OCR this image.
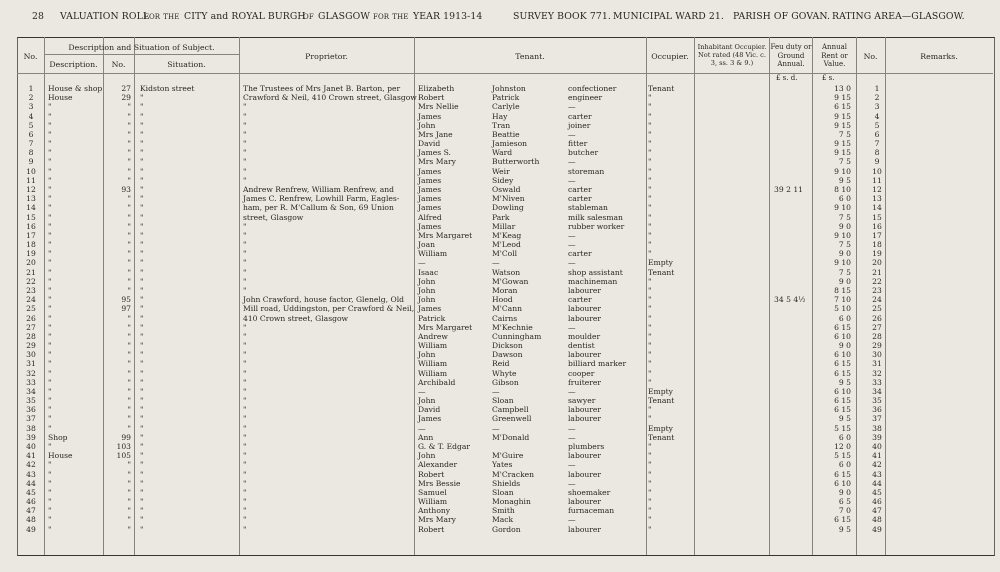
28 VALUATION ROLL
for the CITY and ROYAL BURGH
of GLASGOW for the YEAR 1913-14	SURVEY BOOK 771. MUNICIPAL WARD 21. PARISH OF GOVAN. RATING AREA—GLASGOW.
No.
Description and Situation of Subject.
Description.	No.	Situation.
Proprietor.	Tenant.	Occupier.
Inhabitant Occupier. Not rated (48 Vic. c. 3, ss. 3 & 9.)
Feu duty or Ground Annual.
Annual Rent or Value.
No.	Remarks.
£ s. d.	£ s.
1	House & shop	27 Kidston street	The Trustees of Mrs Janet B. Barton, per Elizabeth	Johnston	confectioner	Tenant	13 0	1
2	House	29 "	Crawford & Neil, 410 Crown street, Glasgow Robert	Patrick	engineer	"	9 15	2
3	"	" "	"	Mrs Nellie	Carlyle	—	"	6 15	3
4	"	" "	"	James	Hay	carter	"	9 15	4
5	"	" "	"	John	Tran	joiner	"	9 15	5
6	"	" "	"	Mrs Jane	Beattie	—	"	7 5	6
7	"	" "	"	David	Jamieson	fitter	"	9 15	7
8	"	" "	"	James S.	Ward	butcher	"	9 15	8
9	"	" "	"	Mrs Mary	Butterworth	—	"	7 5	9
10	"	" "	"	James	Weir	storeman	"	9 10	10
11	"	" "	"	James	Sidey	—	"	9 5	11
12	"	93 "	Andrew Renfrew, William Renfrew, and	James	Oswald	carter	"	39 2 11	8 10	12
13	"	" "	James C. Renfrew, Lowhill Farm, Eagles- James	M'Niven	carter	"	6 0	13
14	"	" "	ham, per R. M'Callum & Son, 69 Union	James	Dowling	stableman	"	9 10	14
15	"	" "	street, Glasgow	Alfred	Park	milk salesman	"	7 5	15
16	"	" "	"	James	Millar	rubber worker	"	9 0	16
17	"	" "	"	Mrs Margaret	M'Keag	—	"	9 10	17
18	"	" "	"	Joan	M'Leod	—	"	7 5	18
19	"	" "	"	William	M'Coll	carter	"	9 0	19
20	"	" "	"	—	—	—	Empty	9 10	20
21	"	" "	"	Isaac	Watson	shop assistant	Tenant	7 5	21
22	"	" "	"	John	M'Gowan	machineman	"	9 0	22
23	"	" "	"	John	Moran	labourer	"	8 15	23
24	"	95 "	John Crawford, house factor, Glenelg, Old John	Hood	carter	"	34 5 4½	7 10	24
25	"	97 "	Mill road, Uddingston, per Crawford & Neil, James	M'Cann	labourer	"	5 10	25
26	"	" "	410 Crown street, Glasgow	Patrick	Cairns	labourer	"	6 0	26
27	"	" "	"	Mrs Margaret	M'Kechnie	—	"	6 15	27
28	"	" "	"	Andrew	Cunningham	moulder	"	6 10	28
29	"	" "	"	William	Dickson	dentist	"	9 0	29
30	"	" "	"	John	Dawson	labourer	"	6 10	30
31	"	" "	"	William	Reid	billiard marker	"	6 15	31
32	"	" "	"	William	Whyte	cooper	"	6 15	32
33	"	" "	"	Archibald	Gibson	fruiterer	"	9 5	33
34	"	" "	"	—	—	—	Empty	6 10	34
35	"	" "	"	John	Sloan	sawyer	Tenant	6 15	35
36	"	" "	"	David	Campbell	labourer	"	6 15	36
37	"	" "	"	James	Greenwell	labourer	"	9 5	37
38	"	" "	"	—	—	—	Empty	5 15	38
39	Shop	99 "	"	Ann	M'Donald	—	Tenant	6 0	39
40	"	103 "	"	G. & T. Edgar	plumbers	"	12 0	40
41	House	105 "	"	John	M'Guire	labourer	"	5 15	41
42	"	" "	"	Alexander	Yates	—	"	6 0	42
43	"	" "	"	Robert	M'Cracken	labourer	"	6 15	43
44	"	" "	"	Mrs Bessie	Shields	—	"	6 10	44
45	"	" "	"	Samuel	Sloan	shoemaker	"	9 0	45
46	"	" "	"	William	Monaghin	labourer	"	6 5	46
47	"	" "	"	Anthony	Smith	furnaceman	"	7 0	47
48	"	" "	"	Mrs Mary	Mack	—	"	6 15	48
49	"	" "	"	Robert	Gordon	labourer	"	9 5	49
